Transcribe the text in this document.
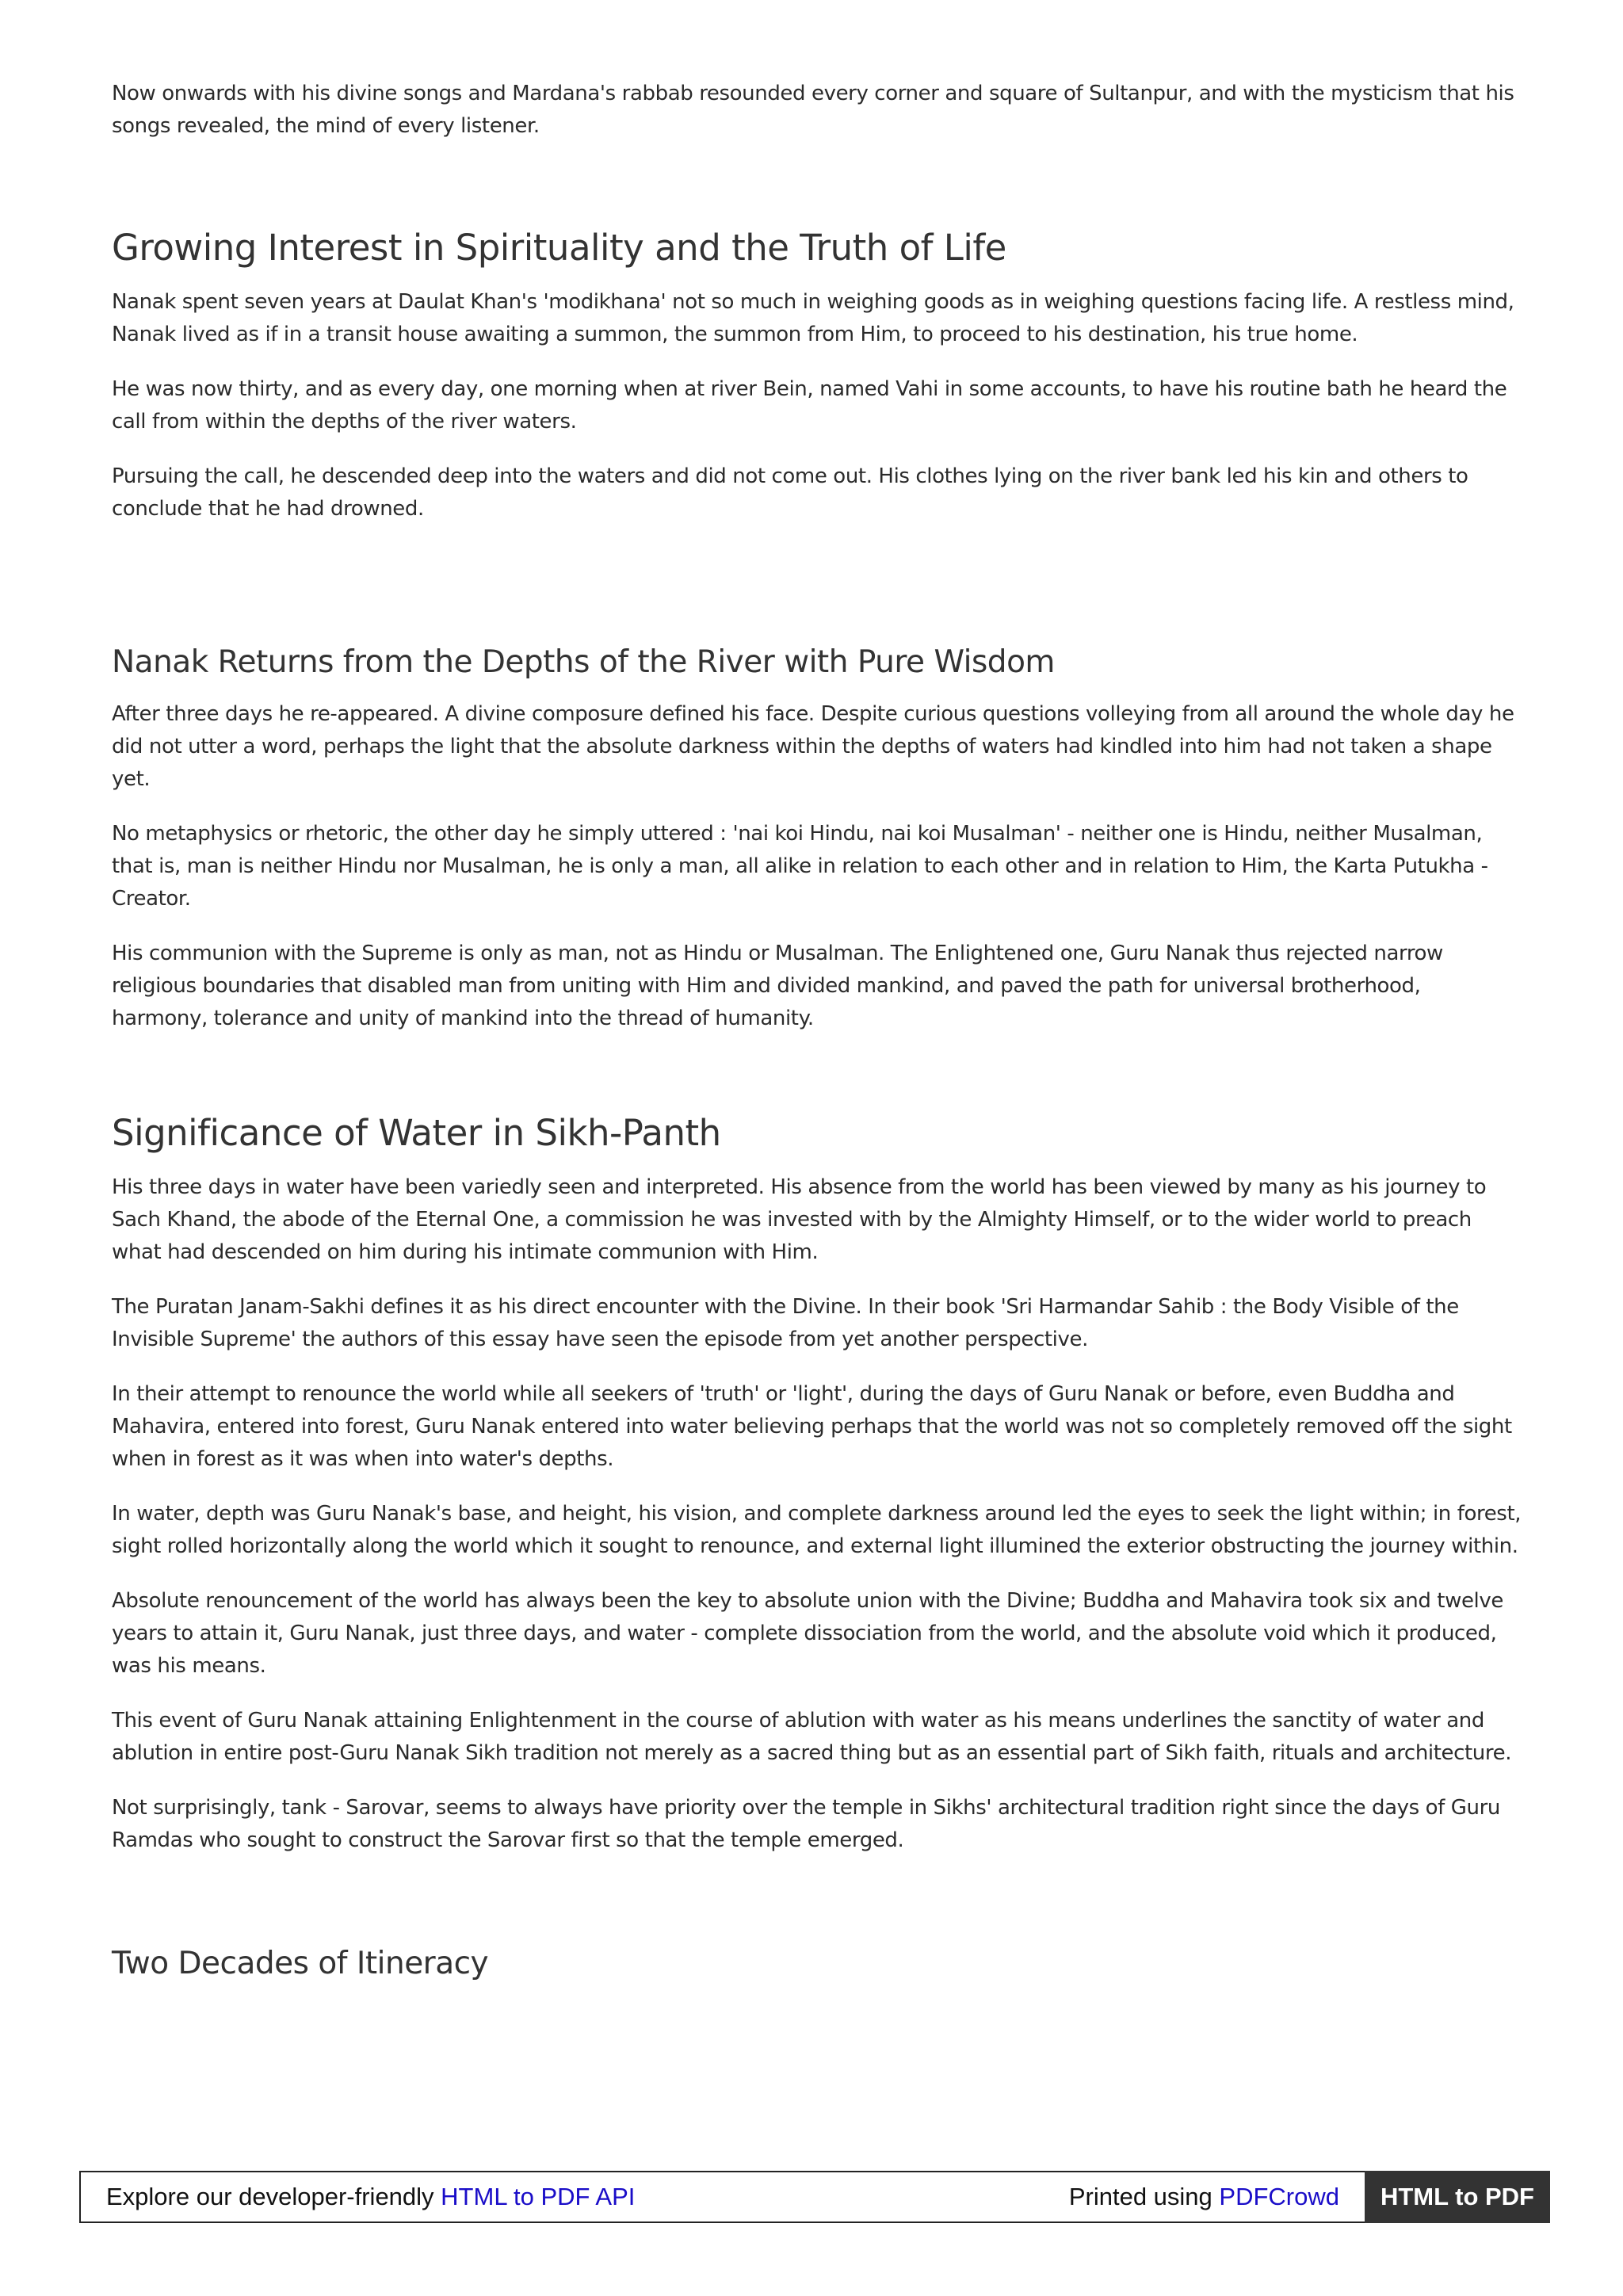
Now onwards with his divine songs and Mardana's rabbab resounded every corner and square of Sultanpur, and with the mysticism that his songs revealed, the mind of every listener.

Growing Interest in Spirituality and the Truth of Life

Nanak spent seven years at Daulat Khan's 'modikhana' not so much in weighing goods as in weighing questions facing life. A restless mind, Nanak lived as if in a transit house awaiting a summon, the summon from Him, to proceed to his destination, his true home.

He was now thirty, and as every day, one morning when at river Bein, named Vahi in some accounts, to have his routine bath he heard the call from within the depths of the river waters.

Pursuing the call, he descended deep into the waters and did not come out. His clothes lying on the river bank led his kin and others to conclude that he had drowned.

Nanak Returns from the Depths of the River with Pure Wisdom

After three days he re-appeared. A divine composure defined his face. Despite curious questions volleying from all around the whole day he did not utter a word, perhaps the light that the absolute darkness within the depths of waters had kindled into him had not taken a shape yet.

No metaphysics or rhetoric, the other day he simply uttered : 'nai koi Hindu, nai koi Musalman' - neither one is Hindu, neither Musalman, that is, man is neither Hindu nor Musalman, he is only a man, all alike in relation to each other and in relation to Him, the Karta Putukha - Creator.

His communion with the Supreme is only as man, not as Hindu or Musalman. The Enlightened one, Guru Nanak thus rejected narrow religious boundaries that disabled man from uniting with Him and divided mankind, and paved the path for universal brotherhood, harmony, tolerance and unity of mankind into the thread of humanity.

Significance of Water in Sikh-Panth

His three days in water have been variedly seen and interpreted. His absence from the world has been viewed by many as his journey to Sach Khand, the abode of the Eternal One, a commission he was invested with by the Almighty Himself, or to the wider world to preach what had descended on him during his intimate communion with Him.

The Puratan Janam-Sakhi defines it as his direct encounter with the Divine. In their book 'Sri Harmandar Sahib : the Body Visible of the Invisible Supreme' the authors of this essay have seen the episode from yet another perspective.

In their attempt to renounce the world while all seekers of 'truth' or 'light', during the days of Guru Nanak or before, even Buddha and Mahavira, entered into forest, Guru Nanak entered into water believing perhaps that the world was not so completely removed off the sight when in forest as it was when into water's depths.

In water, depth was Guru Nanak's base, and height, his vision, and complete darkness around led the eyes to seek the light within; in forest, sight rolled horizontally along the world which it sought to renounce, and external light illumined the exterior obstructing the journey within.

Absolute renouncement of the world has always been the key to absolute union with the Divine; Buddha and Mahavira took six and twelve years to attain it, Guru Nanak, just three days, and water - complete dissociation from the world, and the absolute void which it produced, was his means.

This event of Guru Nanak attaining Enlightenment in the course of ablution with water as his means underlines the sanctity of water and ablution in entire post-Guru Nanak Sikh tradition not merely as a sacred thing but as an essential part of Sikh faith, rituals and architecture.

Not surprisingly, tank - Sarovar, seems to always have priority over the temple in Sikhs' architectural tradition right since the days of Guru Ramdas who sought to construct the Sarovar first so that the temple emerged.

Two Decades of Itineracy
Explore our developer-friendly HTML to PDF API	Printed using PDFCrowd	HTML to PDF
